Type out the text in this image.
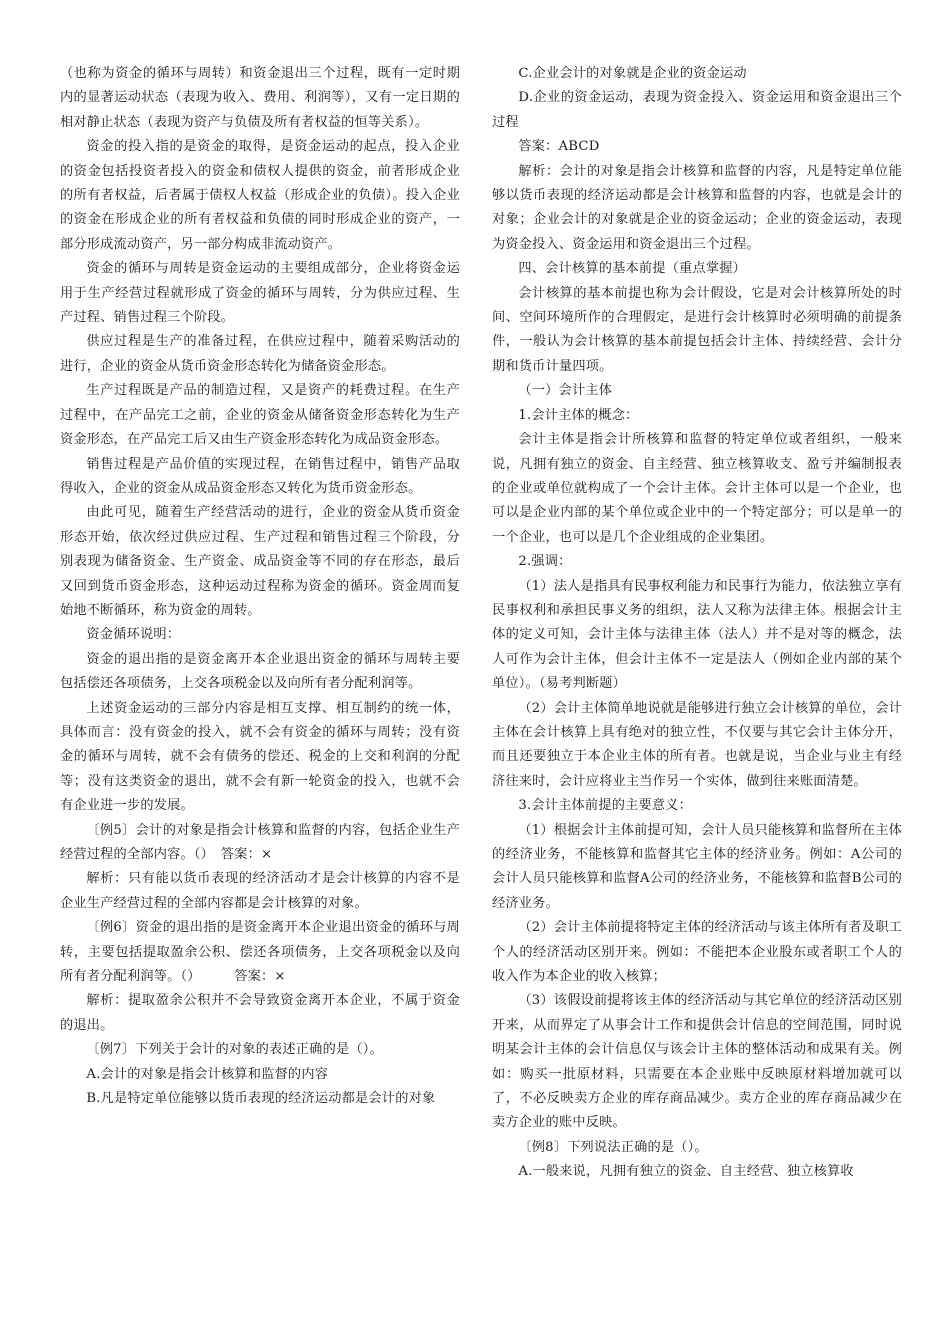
（也称为资金的循环与周转）和资金退出三个过程，既有一定时期内的显著运动状态（表现为收入、费用、利润等），又有一定日期的相对静止状态（表现为资产与负债及所有者权益的恒等关系）。

资金的投入指的是资金的取得，是资金运动的起点，投入企业的资金包括投资者投入的资金和债权人提供的资金，前者形成企业的所有者权益，后者属于债权人权益（形成企业的负债）。投入企业的资金在形成企业的所有者权益和负债的同时形成企业的资产，一部分形成流动资产，另一部分构成非流动资产。

资金的循环与周转是资金运动的主要组成部分，企业将资金运用于生产经营过程就形成了资金的循环与周转，分为供应过程、生产过程、销售过程三个阶段。

供应过程是生产的准备过程，在供应过程中，随着采购活动的进行，企业的资金从货币资金形态转化为储备资金形态。

生产过程既是产品的制造过程，又是资产的耗费过程。在生产过程中，在产品完工之前，企业的资金从储备资金形态转化为生产资金形态，在产品完工后又由生产资金形态转化为成品资金形态。

销售过程是产品价值的实现过程，在销售过程中，销售产品取得收入，企业的资金从成品资金形态又转化为货币资金形态。

由此可见，随着生产经营活动的进行，企业的资金从货币资金形态开始，依次经过供应过程、生产过程和销售过程三个阶段，分别表现为储备资金、生产资金、成品资金等不同的存在形态，最后又回到货币资金形态，这种运动过程称为资金的循环。资金周而复始地不断循环，称为资金的周转。

资金循环说明：

资金的退出指的是资金离开本企业退出资金的循环与周转主要包括偿还各项债务，上交各项税金以及向所有者分配利润等。

上述资金运动的三部分内容是相互支撑、相互制约的统一体，具体而言：没有资金的投入，就不会有资金的循环与周转；没有资金的循环与周转，就不会有债务的偿还、税金的上交和利润的分配等；没有这类资金的退出，就不会有新一轮资金的投入，也就不会有企业进一步的发展。

〔例5〕会计的对象是指会计核算和监督的内容，包括企业生产经营过程的全部内容。（）　答案：×

解析：只有能以货币表现的经济活动才是会计核算的内容不是企业生产经营过程的全部内容都是会计核算的对象。

〔例6〕资金的退出指的是资金离开本企业退出资金的循环与周转，主要包括提取盈余公积、偿还各项债务，上交各项税金以及向所有者分配利润等。（）　　　答案：×

解析：提取盈余公积并不会导致资金离开本企业，不属于资金的退出。

〔例7〕下列关于会计的对象的表述正确的是（）。

A.会计的对象是指会计核算和监督的内容

B.凡是特定单位能够以货币表现的经济运动都是会计的对象

C.企业会计的对象就是企业的资金运动

D.企业的资金运动，表现为资金投入、资金运用和资金退出三个过程

答案：ABCD

解析：会计的对象是指会计核算和监督的内容，凡是特定单位能够以货币表现的经济运动都是会计核算和监督的内容，也就是会计的对象；企业会计的对象就是企业的资金运动；企业的资金运动，表现为资金投入、资金运用和资金退出三个过程。

四、会计核算的基本前提（重点掌握）

会计核算的基本前提也称为会计假设，它是对会计核算所处的时间、空间环境所作的合理假定，是进行会计核算时必须明确的前提条件，一般认为会计核算的基本前提包括会计主体、持续经营、会计分期和货币计量四项。

（一）会计主体

1.会计主体的概念：

会计主体是指会计所核算和监督的特定单位或者组织，一般来说，凡拥有独立的资金、自主经营、独立核算收支、盈亏并编制报表的企业或单位就构成了一个会计主体。会计主体可以是一个企业，也可以是企业内部的某个单位或企业中的一个特定部分；可以是单一的一个企业，也可以是几个企业组成的企业集团。

2.强调：

（1）法人是指具有民事权利能力和民事行为能力，依法独立享有民事权利和承担民事义务的组织，法人又称为法律主体。根据会计主体的定义可知，会计主体与法律主体（法人）并不是对等的概念，法人可作为会计主体，但会计主体不一定是法人（例如企业内部的某个单位）。（易考判断题）

（2）会计主体简单地说就是能够进行独立会计核算的单位，会计主体在会计核算上具有绝对的独立性，不仅要与其它会计主体分开，而且还要独立于本企业主体的所有者。也就是说，当企业与业主有经济往来时，会计应将业主当作另一个实体，做到往来账面清楚。

3.会计主体前提的主要意义：

（1）根据会计主体前提可知，会计人员只能核算和监督所在主体的经济业务，不能核算和监督其它主体的经济业务。例如：A公司的会计人员只能核算和监督A公司的经济业务，不能核算和监督B公司的经济业务。

（2）会计主体前提将特定主体的经济活动与该主体所有者及职工个人的经济活动区别开来。例如：不能把本企业股东或者职工个人的收入作为本企业的收入核算；

（3）该假设前提将该主体的经济活动与其它单位的经济活动区别开来，从而界定了从事会计工作和提供会计信息的空间范围，同时说明某会计主体的会计信息仅与该会计主体的整体活动和成果有关。例如：购买一批原材料，只需要在本企业账中反映原材料增加就可以了，不必反映卖方企业的库存商品减少。卖方企业的库存商品减少在卖方企业的账中反映。

〔例8〕下列说法正确的是（）。

A.一般来说，凡拥有独立的资金、自主经营、独立核算收
